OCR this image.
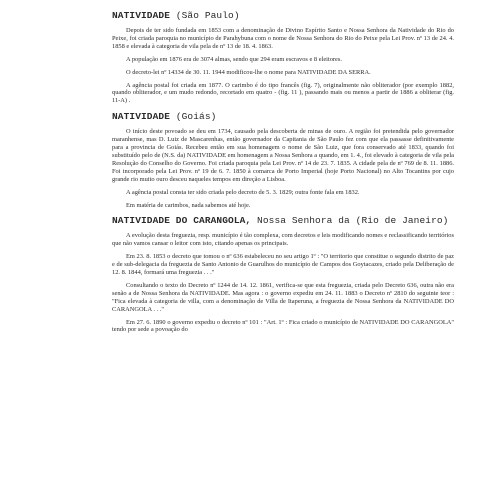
NATIVIDADE (São Paulo)

Depois de ter sido fundada em 1853 com a denominação de Divino Espírito Santo e Nossa Senhora da Natividade do Rio do Peixe, foi criada paroquia no município de Parahybuna com o nome de Nossa Senhora do Rio do Peixe pela Lei Prov. nº 13 de 24. 4. 1858 e elevada à categoria de vila pela de nº 13 de 18. 4. 1863.

A população em 1876 era de 3074 almas, sendo que 294 eram escravos e 8 eleitores.

O decreto-lei nº 14334 de 30. 11. 1944 modificou-lhe o nome para NATIVIDADE DA SERRA.

A agência postal foi criada em 1877. O carimbo é do tipo francês (fig. 7), originalmente não obliterador (por exemplo 1882, quando obliterador, e um mudo redondo, recortado em quatro - (fig. 11 ), passando mais ou menos a partir de 1886 a obliterar (fig. 11-A) .

NATIVIDADE (Goiás)

O início deste povoado se deu em 1734, causado pela descoberta de minas de ouro. A região foi pretendida pelo governador maranhense, mas D. Luiz de Mascarenhas, então governador da Capitania de São Paulo fez com que ela passasse definitivamente para a provincia de Goiás. Recebeu então em sua homenagem o nome de São Luiz, que fora conservado até 1833, quando foi substituído pelo de (N.S. da) NATIVIDADE em homenagem a Nossa Senhora a quando, em 1. 4., foi elevado à categoria de vila pela Resolução do Conselho do Governo. Foi criada paroquia pela Lei Prov. nº 14 de 23. 7. 1835. A cidade pela de nº 769 de 8. 11. 1886. Foi incorporado pela Lei Prov. nº 19 de 6. 7. 1850 à comarca de Porto Imperial (hoje Porto Nacional) no Alto Tocantins por cujo grande rio muito ouro desceu naqueles tempos em direção a Lisboa.

A agência postal consta ter sido criada pelo decreto de 5. 3. 1829; outra fonte fala em 1832.

Em matéria de carimbos, nada sabemos até hoje.

NATIVIDADE DO CARANGOLA, Nossa Senhora da (Rio de Janeiro)

A evolução desta freguezia, resp. município é tão complexa, com decretos e leis modificando nomes e reclassificando territórios que não vamos cansar o leitor com isto, citando apenas os principais.

Em 23. 8. 1853 o decreto que tomou o nº 636 estabeleceu no seu artigo 1º : "O territorio que constitue o segundo distrito de paz e de sub-delegacia da freguezia de Santo Antonio de Guarulhos do município de Campos dos Goytacazes, criado pela Deliberação de 12. 8. 1844, formará uma freguezia . . ."

Consultando o texto do Decreto nº 1244 de 14. 12. 1861, verifica-se que esta freguezia, criada pelo Decreto 636, outra não era senão a de Nossa Senhora da NATIVIDADE. Mas agora : o governo expediu em 24. 11. 1883 o Decreto nº 2810 do seguinte teor : "Fica elevada à categoria de villa, com a denominação de Villa de Itaperuna, a freguezia de Nossa Senhora da NATIVIDADE DO CARANGOLA . . ."

Em 27. 6. 1890 o governo expediu o decreto nº 101 : "Art. 1º : Fica criado o município de NATIVIDADE DO CARANGOLA" tendo por sede a povoação do
